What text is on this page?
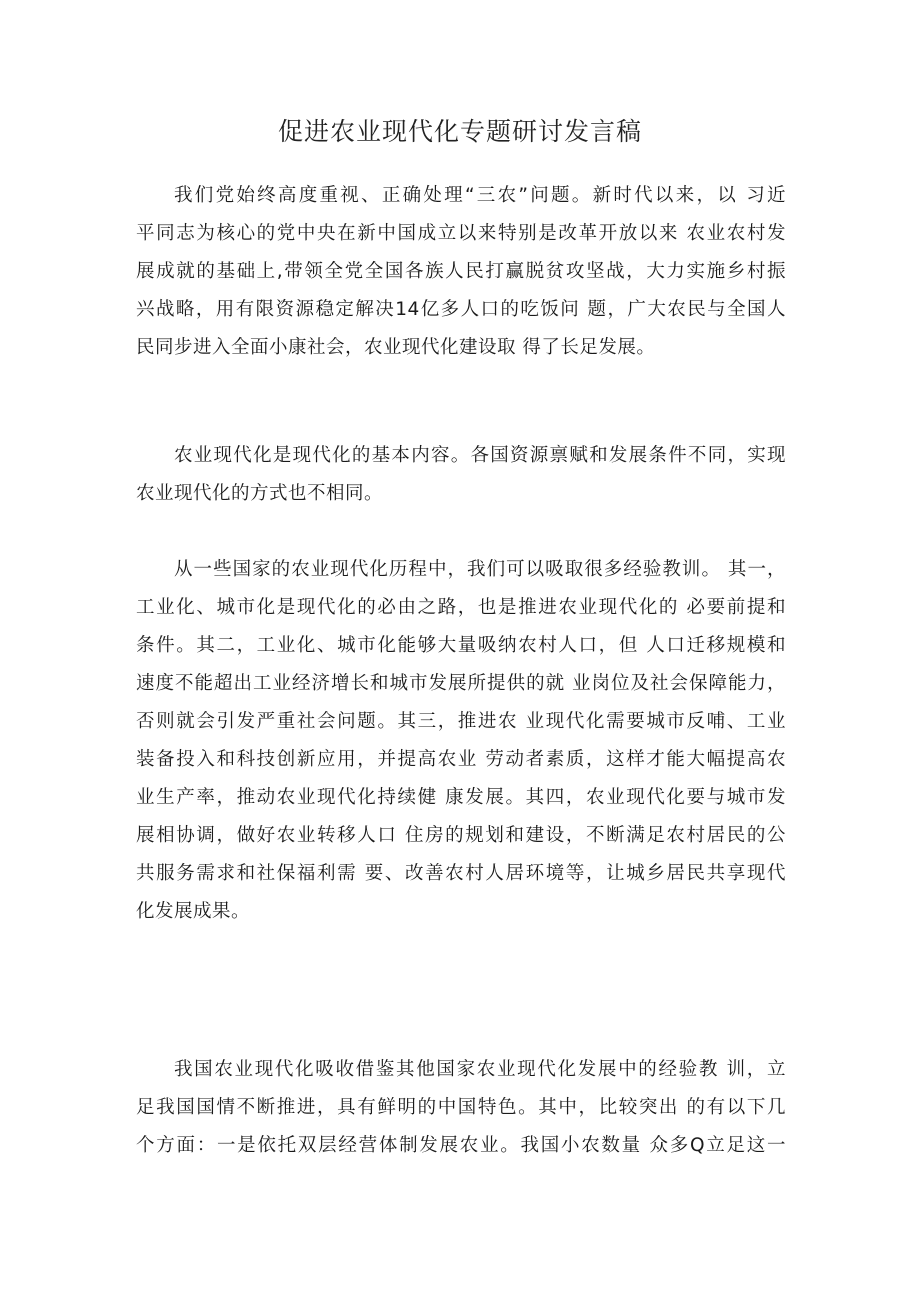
促进农业现代化专题研讨发言稿
我们党始终高度重视、正确处理“三农”问题。新时代以来，以 习近
平同志为核心的党中央在新中国成立以来特别是改革开放以来 农业农村发
展成就的基础上,带领全党全国各族人民打赢脱贫攻坚战，大力实施乡村振
兴战略，用有限资源稳定解决14亿多人口的吃饭问 题，广大农民与全国人
民同步进入全面小康社会，农业现代化建设取 得了长足发展。
农业现代化是现代化的基本内容。各国资源禀赋和发展条件不同，实现
农业现代化的方式也不相同。
从一些国家的农业现代化历程中，我们可以吸取很多经验教训。 其一，
工业化、城市化是现代化的必由之路，也是推进农业现代化的 必要前提和
条件。其二，工业化、城市化能够大量吸纳农村人口，但 人口迁移规模和
速度不能超出工业经济增长和城市发展所提供的就 业岗位及社会保障能力，
否则就会引发严重社会问题。其三，推进农 业现代化需要城市反哺、工业
装备投入和科技创新应用，并提高农业 劳动者素质，这样才能大幅提高农
业生产率，推动农业现代化持续健 康发展。其四，农业现代化要与城市发
展相协调，做好农业转移人口 住房的规划和建设，不断满足农村居民的公
共服务需求和社保福利需 要、改善农村人居环境等，让城乡居民共享现代
化发展成果。
我国农业现代化吸收借鉴其他国家农业现代化发展中的经验教 训，立
足我国国情不断推进，具有鲜明的中国特色。其中，比较突出 的有以下几
个方面：一是依托双层经营体制发展农业。我国小农数量 众多Q立足这一
